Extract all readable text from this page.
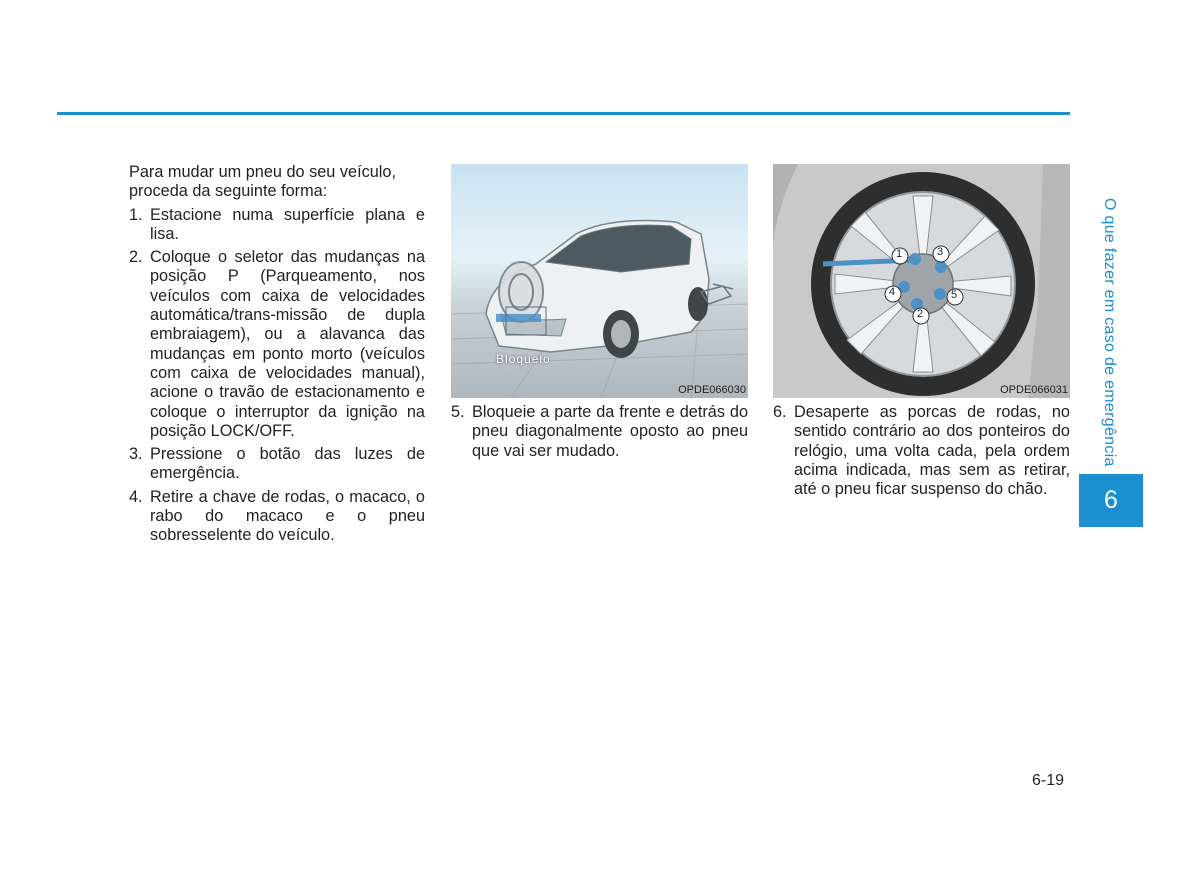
Para mudar um pneu do seu veículo, proceda da seguinte forma:

1. Estacione numa superfície plana e lisa.
2. Coloque o seletor das mudanças na posição P (Parqueamento, nos veículos com caixa de velocidades automática/trans-missão de dupla embraiagem), ou a alavanca das mudanças em ponto morto (veículos com caixa de velocidades manual), acione o travão de estacionamento e coloque o interruptor da ignição na posição LOCK/OFF.
3. Pressione o botão das luzes de emergência.
4. Retire a chave de rodas, o macaco, o rabo do macaco e o pneu sobresselente do veículo.
Bloqueio
OPDE066030
5. Bloqueie a parte da frente e detrás do pneu diagonalmente oposto ao pneu que vai ser mudado.
1
2
3
4	5
OPDE066031
6. Desaperte as porcas de rodas, no sentido contrário ao dos ponteiros do relógio, uma volta cada, pela ordem acima indicada, mas sem as retirar, até o pneu ficar suspenso do chão.
O que fazer em caso de emergência
6
6-19
